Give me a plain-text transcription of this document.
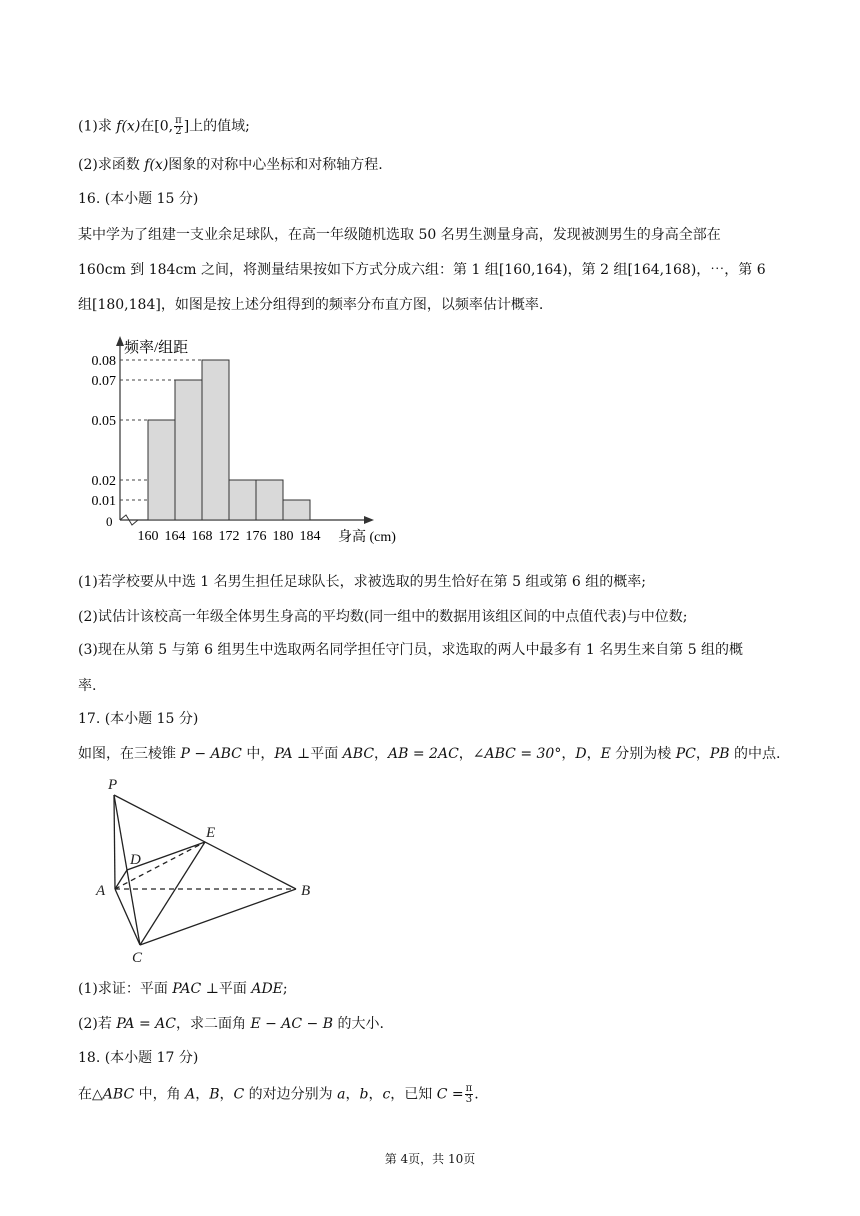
(1)求 f(x)在[0, $\frac{\pi}{2}$ ]上的值域;
(2)求函数 f(x)图象的对称中心坐标和对称轴方程.
16. (本小题 15 分)
某中学为了组建一支业余足球队，在高一年级随机选取 50 名男生测量身高，发现被测男生的身高全部在
160cm 到 184cm 之间，将测量结果按如下方式分成六组：第 1 组[160,164)，第 2 组[164,168)，⋯，第 6
组[180,184]，如图是按上述分组得到的频率分布直方图，以频率估计概率.
0.08
0.07
0.05
0.02
0.01
160 164 168 172 176 180 184
频率/组距
身高 (cm)
0
(1)若学校要从中选 1 名男生担任足球队长，求被选取的男生恰好在第 5 组或第 6 组的概率;
(2)试估计该校高一年级全体男生身高的平均数(同一组中的数据用该组区间的中点值代表)与中位数;
(3)现在从第 5 与第 6 组男生中选取两名同学担任守门员，求选取的两人中最多有 1 名男生来自第 5 组的概
率.
17. (本小题 15 分)
如图，在三棱锥 P − ABC 中，PA ⊥平面 ABC，AB = 2AC，∠ABC = 30°，D，E 分别为棱 PC，PB 的中点.
P
E
D
A	B
C
(1)求证：平面 PAC ⊥平面 ADE;
(2)若 PA = AC，求二面角 E − AC − B 的大小.
18. (本小题 17 分)
在△ABC 中，角 A，B，C 的对边分别为 a，b，c，已知 $C = \frac{\pi}{3}$ .
第 4页，共 10页
